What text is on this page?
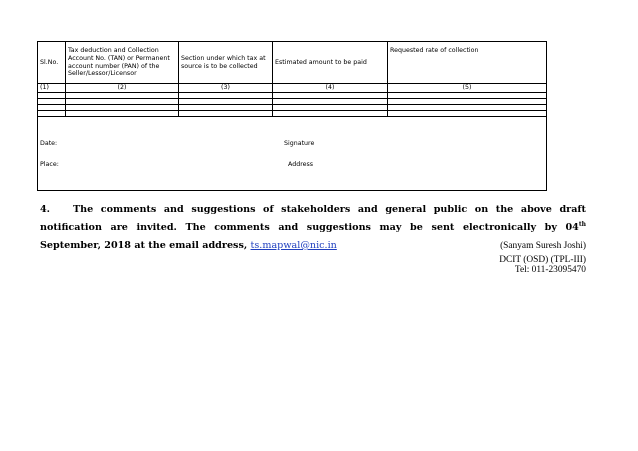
Sl.No.	Tax deduction and Collection Account No. (TAN) or Permanent account number (PAN) of the Seller/Lessor/Licensor	Section under which tax at source is to be collected	Estimated amount to be paid	Requested rate of collection
(1)	(2)	(3)	(4)	(5)

Date:
Place:
Signature
Address				

4. The comments and suggestions of stakeholders and general public on the above draft notification are invited. The comments and suggestions may be sent electronically by 04th September, 2018 at the email address, ts.mapwal@nic.in	(Sanyam Suresh Joshi)
DCIT (OSD) (TPL-III)
Tel: 011-23095470
